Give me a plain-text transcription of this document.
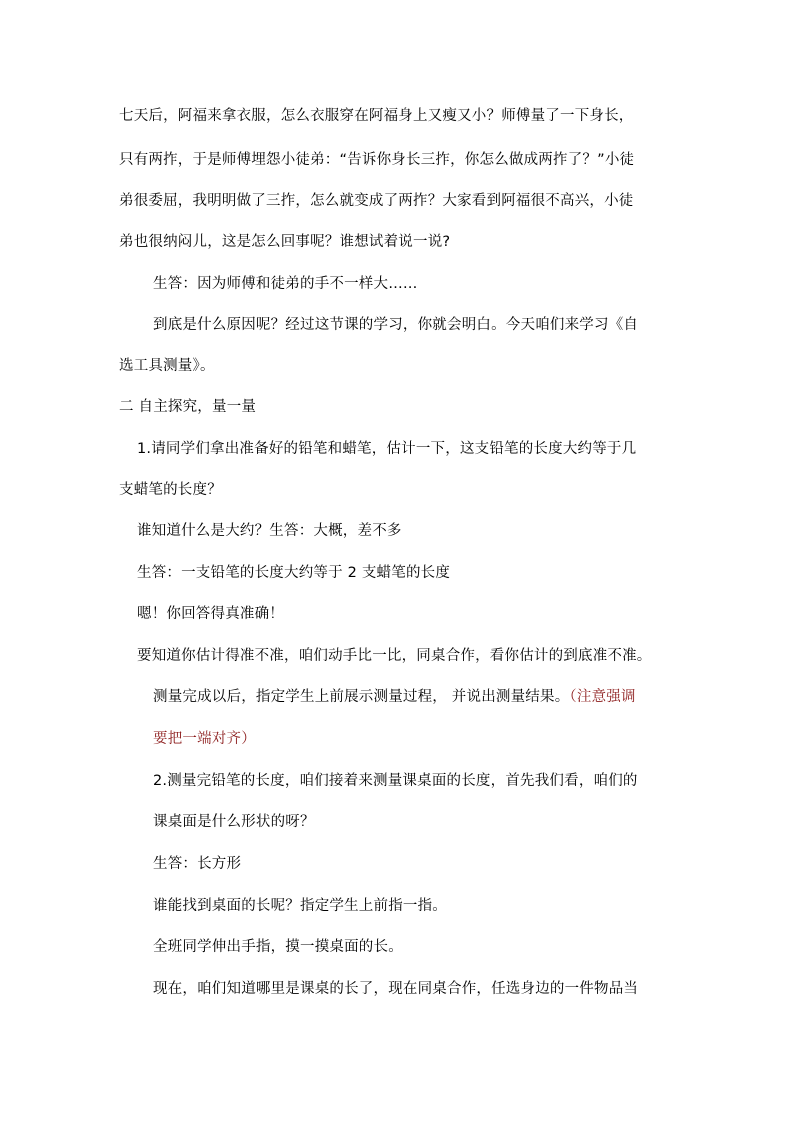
七天后，阿福来拿衣服，怎么衣服穿在阿福身上又瘦又小？师傅量了一下身长，
只有两拃，于是师傅埋怨小徒弟：“告诉你身长三拃，你怎么做成两拃了？”小徒
弟很委屈，我明明做了三拃，怎么就变成了两拃？大家看到阿福很不高兴，小徒
弟也很纳闷儿，这是怎么回事呢？谁想试着说一说?
生答：因为师傅和徒弟的手不一样大……
到底是什么原因呢？经过这节课的学习，你就会明白。今天咱们来学习《自
选工具测量》。
二 自主探究，量一量
1.请同学们拿出准备好的铅笔和蜡笔，估计一下，这支铅笔的长度大约等于几
支蜡笔的长度？
谁知道什么是大约？生答：大概，差不多
生答：一支铅笔的长度大约等于 2 支蜡笔的长度
嗯！你回答得真准确！
要知道你估计得准不准，咱们动手比一比，同桌合作，看你估计的到底准不准。
测量完成以后，指定学生上前展示测量过程， 并说出测量结果。（注意强调
要把一端对齐）
2.测量完铅笔的长度，咱们接着来测量课桌面的长度，首先我们看，咱们的
课桌面是什么形状的呀？
生答：长方形
谁能找到桌面的长呢？指定学生上前指一指。
全班同学伸出手指，摸一摸桌面的长。
现在，咱们知道哪里是课桌的长了，现在同桌合作，任选身边的一件物品当
